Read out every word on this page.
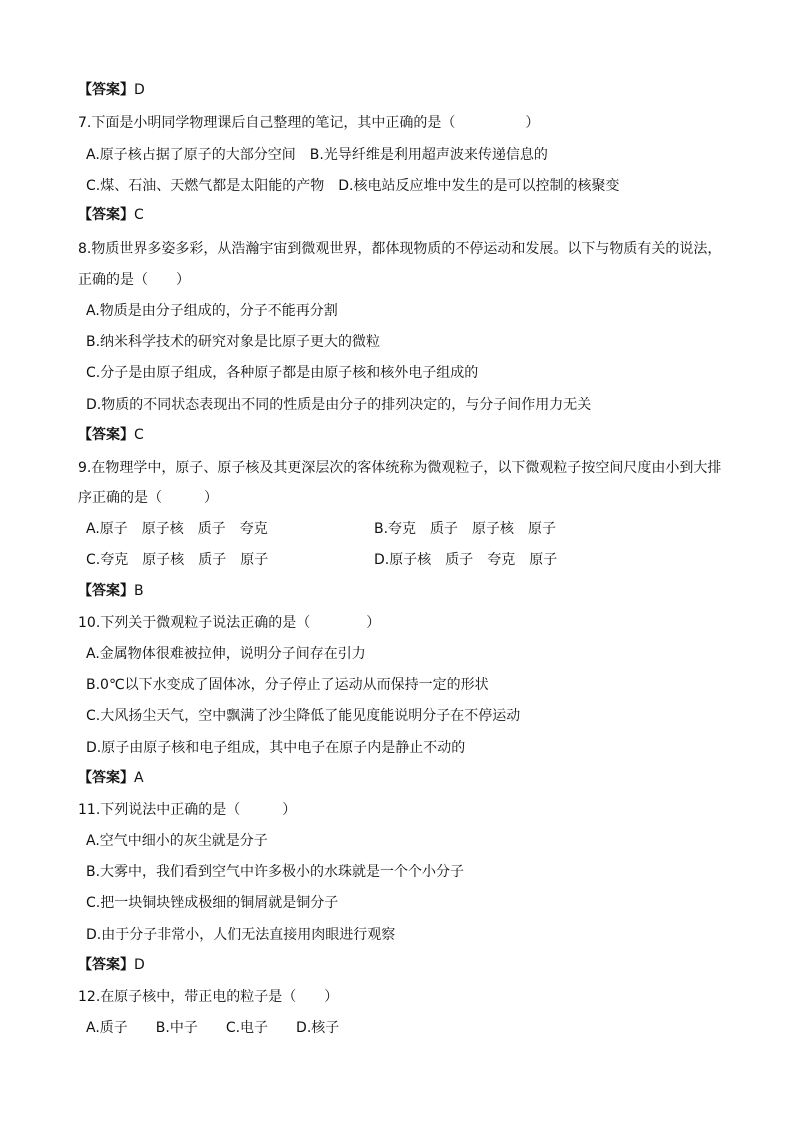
【答案】D
7.下面是小明同学物理课后自己整理的笔记，其中正确的是（　　　　　）
A.原子核占据了原子的大部分空间　B.光导纤维是利用超声波来传递信息的
C.煤、石油、天燃气都是太阳能的产物　D.核电站反应堆中发生的是可以控制的核聚变
【答案】C
8.物质世界多姿多彩，从浩瀚宇宙到微观世界，都体现物质的不停运动和发展。以下与物质有关的说法，
正确的是（　　）
A.物质是由分子组成的，分子不能再分割
B.纳米科学技术的研究对象是比原子更大的微粒
C.分子是由原子组成，各种原子都是由原子核和核外电子组成的
D.物质的不同状态表现出不同的性质是由分子的排列决定的，与分子间作用力无关
【答案】C
9.在物理学中，原子、原子核及其更深层次的客体统称为微观粒子，以下微观粒子按空间尺度由小到大排
序正确的是（　　　）
A.原子　原子核　质子　夸克	B.夸克　质子　原子核　原子
C.夸克　原子核　质子　原子	D.原子核　质子　夸克　原子
【答案】B
10.下列关于微观粒子说法正确的是（　　　　）
A.金属物体很难被拉伸，说明分子间存在引力
B.0℃以下水变成了固体冰，分子停止了运动从而保持一定的形状
C.大风扬尘天气，空中飘满了沙尘降低了能见度能说明分子在不停运动
D.原子由原子核和电子组成，其中电子在原子内是静止不动的
【答案】A
11.下列说法中正确的是（　　　）
A.空气中细小的灰尘就是分子
B.大雾中，我们看到空气中许多极小的水珠就是一个个小分子
C.把一块铜块锉成极细的铜屑就是铜分子
D.由于分子非常小，人们无法直接用肉眼进行观察
【答案】D
12.在原子核中，带正电的粒子是（　　）
A.质子　　B.中子　　C.电子　　D.核子
